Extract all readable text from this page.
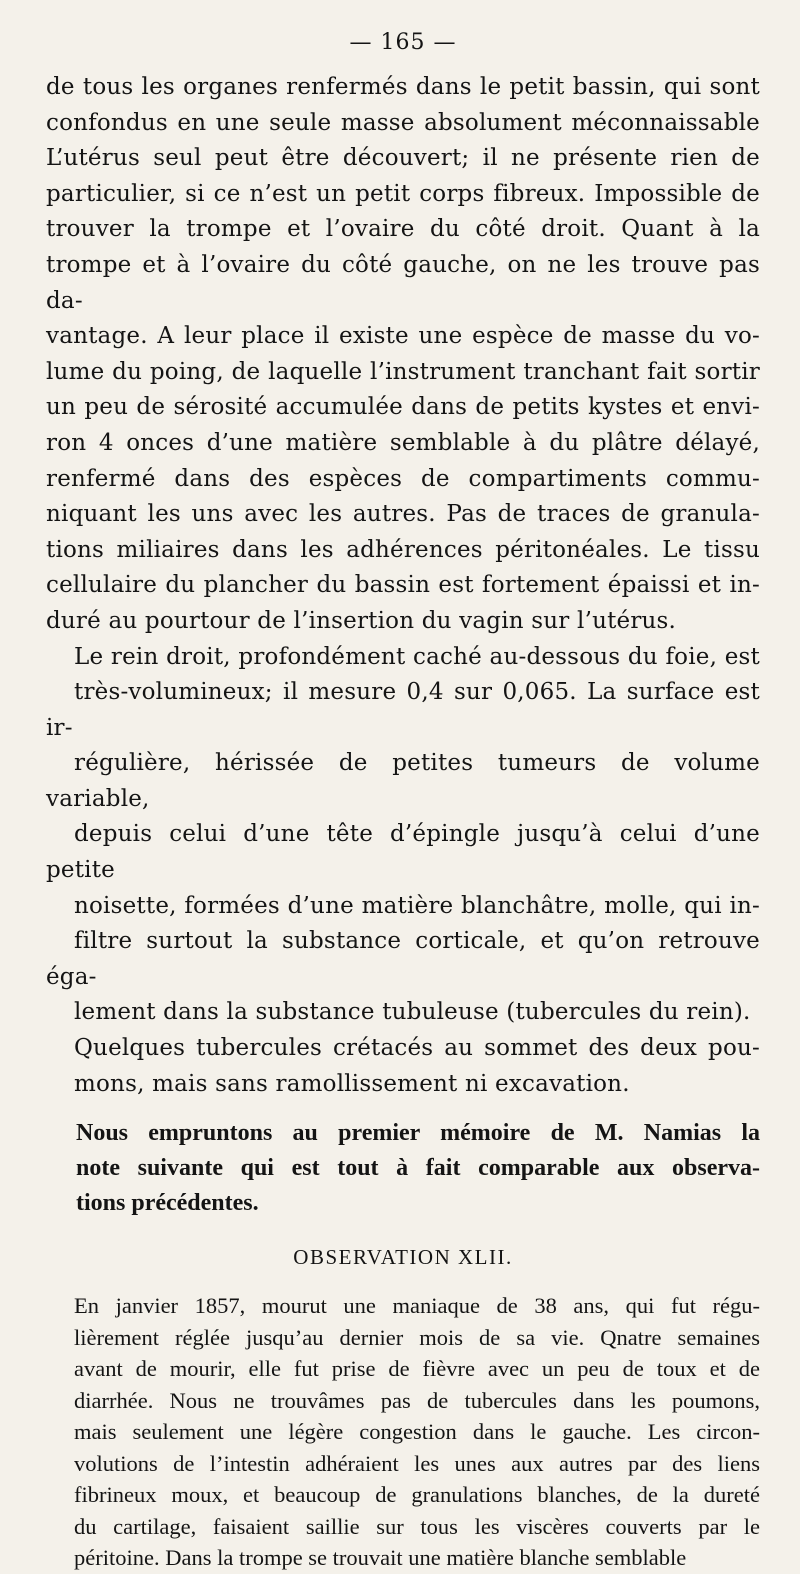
— 165 —
de tous les organes renfermés dans le petit bassin, qui sont
confondus en une seule masse absolument méconnaissable
L’utérus seul peut être découvert; il ne présente rien de
particulier, si ce n’est un petit corps fibreux. Impossible de
trouver la trompe et l’ovaire du côté droit. Quant à la
trompe et à l’ovaire du côté gauche, on ne les trouve pas da-
vantage. A leur place il existe une espèce de masse du vo-
lume du poing, de laquelle l’instrument tranchant fait sortir
un peu de sérosité accumulée dans de petits kystes et envi-
ron 4 onces d’une matière semblable à du plâtre délayé,
renfermé dans des espèces de compartiments commu-
niquant les uns avec les autres. Pas de traces de granula-
tions miliaires dans les adhérences péritonéales. Le tissu
cellulaire du plancher du bassin est fortement épaissi et in-
duré au pourtour de l’insertion du vagin sur l’utérus.
Le rein droit, profondément caché au-dessous du foie, est
très-volumineux; il mesure 0,4 sur 0,065. La surface est ir-
régulière, hérissée de petites tumeurs de volume variable,
depuis celui d’une tête d’épingle jusqu’à celui d’une petite
noisette, formées d’une matière blanchâtre, molle, qui in-
filtre surtout la substance corticale, et qu’on retrouve éga-
lement dans la substance tubuleuse (tubercules du rein).
Quelques tubercules crétacés au sommet des deux pou-
mons, mais sans ramollissement ni excavation.
Nous empruntons au premier mémoire de M. Namias la
note suivante qui est tout à fait comparable aux observa-
tions précédentes.
OBSERVATION XLII.
En janvier 1857, mourut une maniaque de 38 ans, qui fut régu-
lièrement réglée jusqu’au dernier mois de sa vie. Qnatre semaines
avant de mourir, elle fut prise de fièvre avec un peu de toux et de
diarrhée. Nous ne trouvâmes pas de tubercules dans les poumons,
mais seulement une légère congestion dans le gauche. Les circon-
volutions de l’intestin adhéraient les unes aux autres par des liens
fibrineux moux, et beaucoup de granulations blanches, de la dureté
du cartilage, faisaient saillie sur tous les viscères couverts par le
péritoine. Dans la trompe se trouvait une matière blanche semblable
